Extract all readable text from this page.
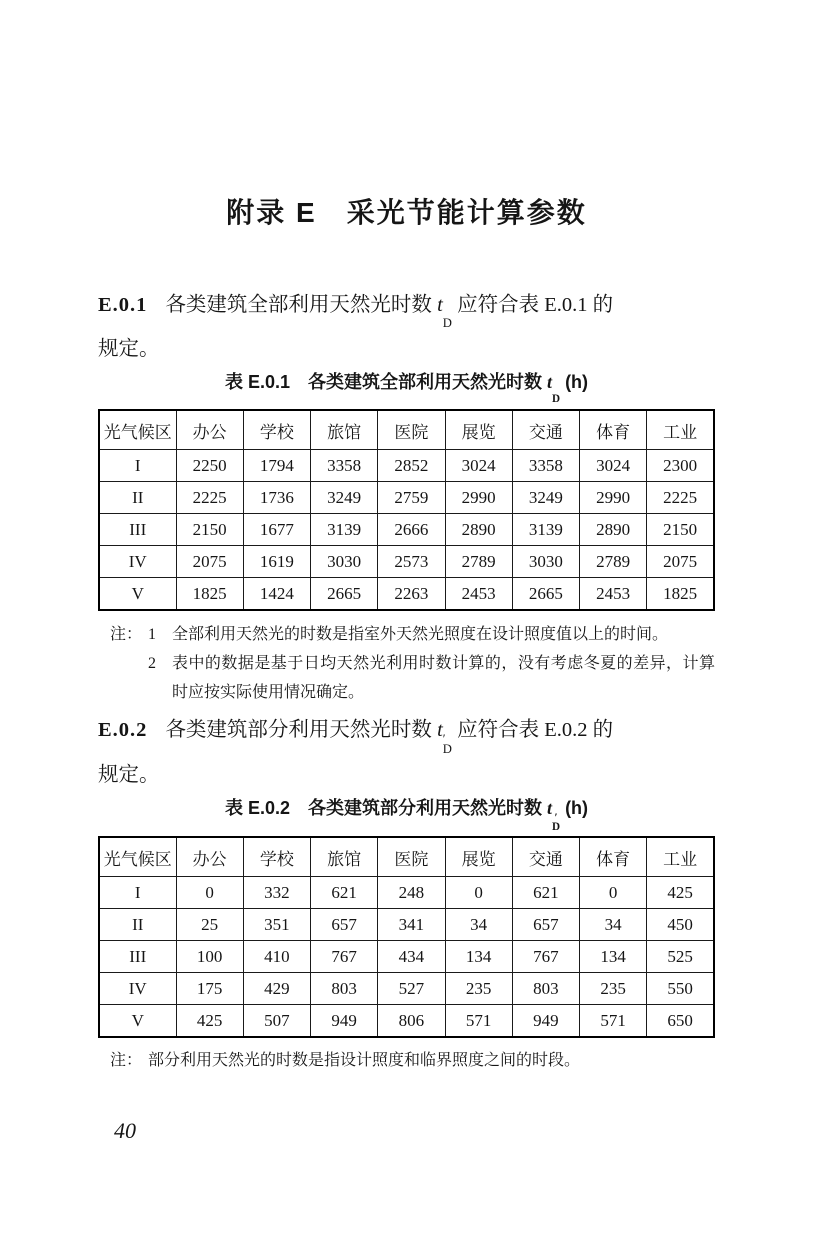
附录 E　采光节能计算参数
E.0.1 各类建筑全部利用天然光时数 t
D
应符合表 E.0.1 的
规定。
表 E.0.1　各类建筑全部利用天然光时数 t
D
(h)
光气候区	办公	学校	旅馆	医院	展览	交通	体育	工业
I	2250	1794	3358	2852	3024	3358	3024	2300
II	2225	1736	3249	2759	2990	3249	2990	2225
III	2150	1677	3139	2666	2890	3139	2890	2150
IV	2075	1619	3030	2573	2789	3030	2789	2075
V	1825	1424	2665	2263	2453	2665	2453	1825
注： 1	全部利用天然光的时数是指室外天然光照度在设计照度值以上的时间。
2	表中的数据是基于日均天然光利用时数计算的，没有考虑冬夏的差异，计算时应按实际使用情况确定。
E.0.2 各类建筑部分利用天然光时数 t ′
D
应符合表 E.0.2 的
规定。
表 E.0.2　各类建筑部分利用天然光时数 t ′
D
(h)
光气候区	办公	学校	旅馆	医院	展览	交通	体育	工业
I	0	332	621	248	0	621	0	425
II	25	351	657	341	34	657	34	450
III	100	410	767	434	134	767	134	525
IV	175	429	803	527	235	803	235	550
V	425	507	949	806	571	949	571	650
注： 部分利用天然光的时数是指设计照度和临界照度之间的时段。
40
